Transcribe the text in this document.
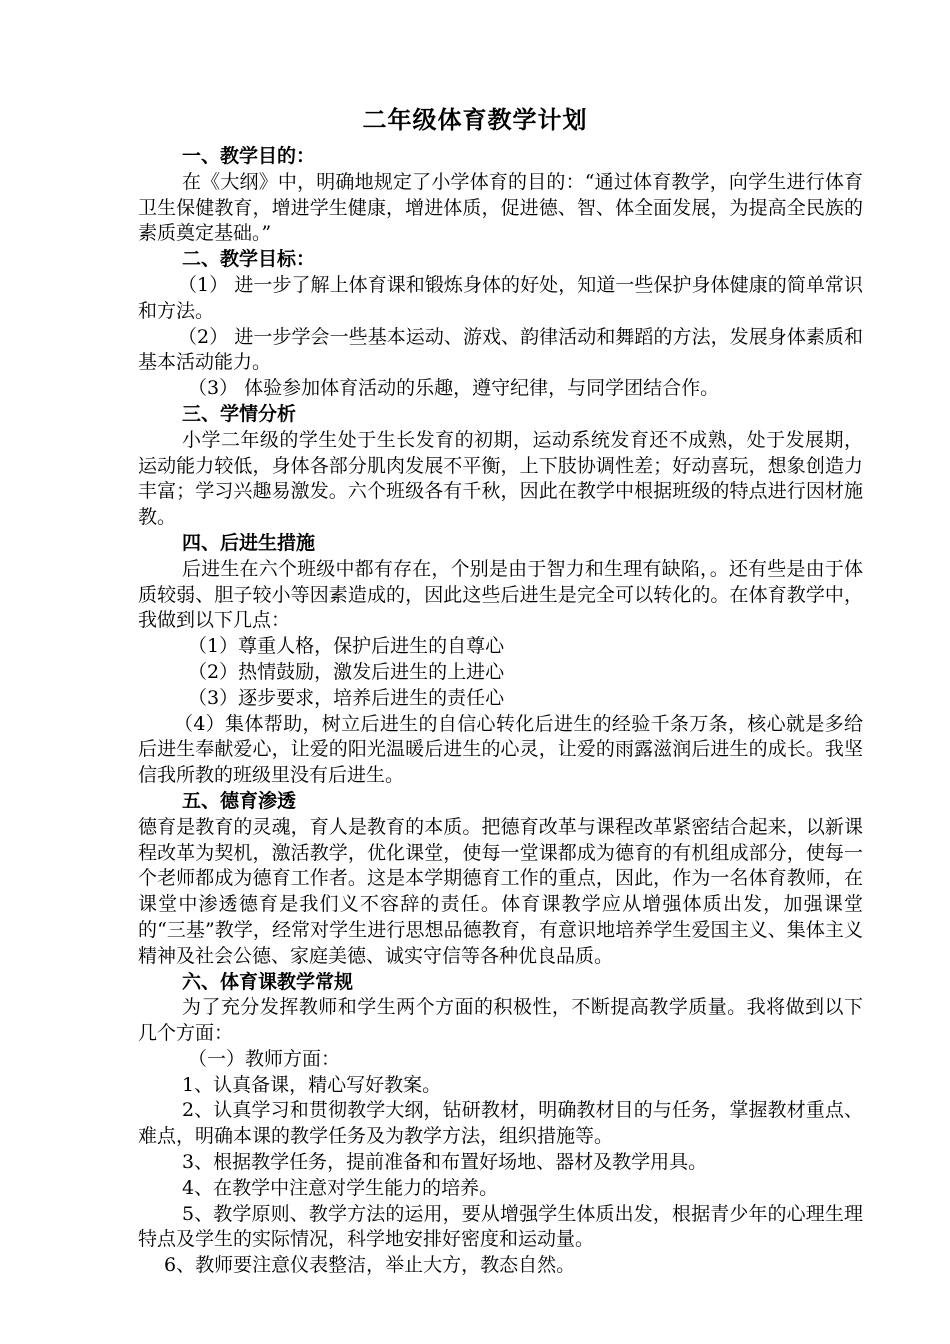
二年级体育教学计划

一、教学目的：

在《大纲》中，明确地规定了小学体育的目的：“通过体育教学，向学生进行体育卫生保健教育，增进学生健康，增进体质，促进德、智、体全面发展，为提高全民族的素质奠定基础。”

二、教学目标：

（1） 进一步了解上体育课和锻炼身体的好处，知道一些保护身体健康的简单常识和方法。

（2） 进一步学会一些基本运动、游戏、韵律活动和舞蹈的方法，发展身体素质和基本活动能力。

（3） 体验参加体育活动的乐趣，遵守纪律，与同学团结合作。

三、学情分析

小学二年级的学生处于生长发育的初期，运动系统发育还不成熟，处于发展期，运动能力较低，身体各部分肌肉发展不平衡，上下肢协调性差；好动喜玩，想象创造力丰富；学习兴趣易激发。六个班级各有千秋，因此在教学中根据班级的特点进行因材施教。

四、后进生措施

后进生在六个班级中都有存在，个别是由于智力和生理有缺陷，。还有些是由于体质较弱、胆子较小等因素造成的，因此这些后进生是完全可以转化的。在体育教学中，我做到以下几点：

（1）尊重人格，保护后进生的自尊心

（2）热情鼓励，激发后进生的上进心

（3）逐步要求，培养后进生的责任心

（4）集体帮助，树立后进生的自信心转化后进生的经验千条万条，核心就是多给后进生奉献爱心，让爱的阳光温暖后进生的心灵，让爱的雨露滋润后进生的成长。我坚信我所教的班级里没有后进生。

五、德育渗透

德育是教育的灵魂，育人是教育的本质。把德育改革与课程改革紧密结合起来，以新课程改革为契机，激活教学，优化课堂，使每一堂课都成为德育的有机组成部分，使每一个老师都成为德育工作者。这是本学期德育工作的重点，因此，作为一名体育教师，在课堂中渗透德育是我们义不容辞的责任。体育课教学应从增强体质出发，加强课堂的“三基”教学，经常对学生进行思想品德教育，有意识地培养学生爱国主义、集体主义精神及社会公德、家庭美德、诚实守信等各种优良品质。

六、体育课教学常规

为了充分发挥教师和学生两个方面的积极性，不断提高教学质量。我将做到以下几个方面：

（一）教师方面：

1、认真备课，精心写好教案。

2、认真学习和贯彻教学大纲，钻研教材，明确教材目的与任务，掌握教材重点、难点，明确本课的教学任务及为教学方法，组织措施等。

3、根据教学任务，提前准备和布置好场地、器材及教学用具。

4、在教学中注意对学生能力的培养。

5、教学原则、教学方法的运用，要从增强学生体质出发，根据青少年的心理生理特点及学生的实际情况，科学地安排好密度和运动量。

6、教师要注意仪表整洁，举止大方，教态自然。
